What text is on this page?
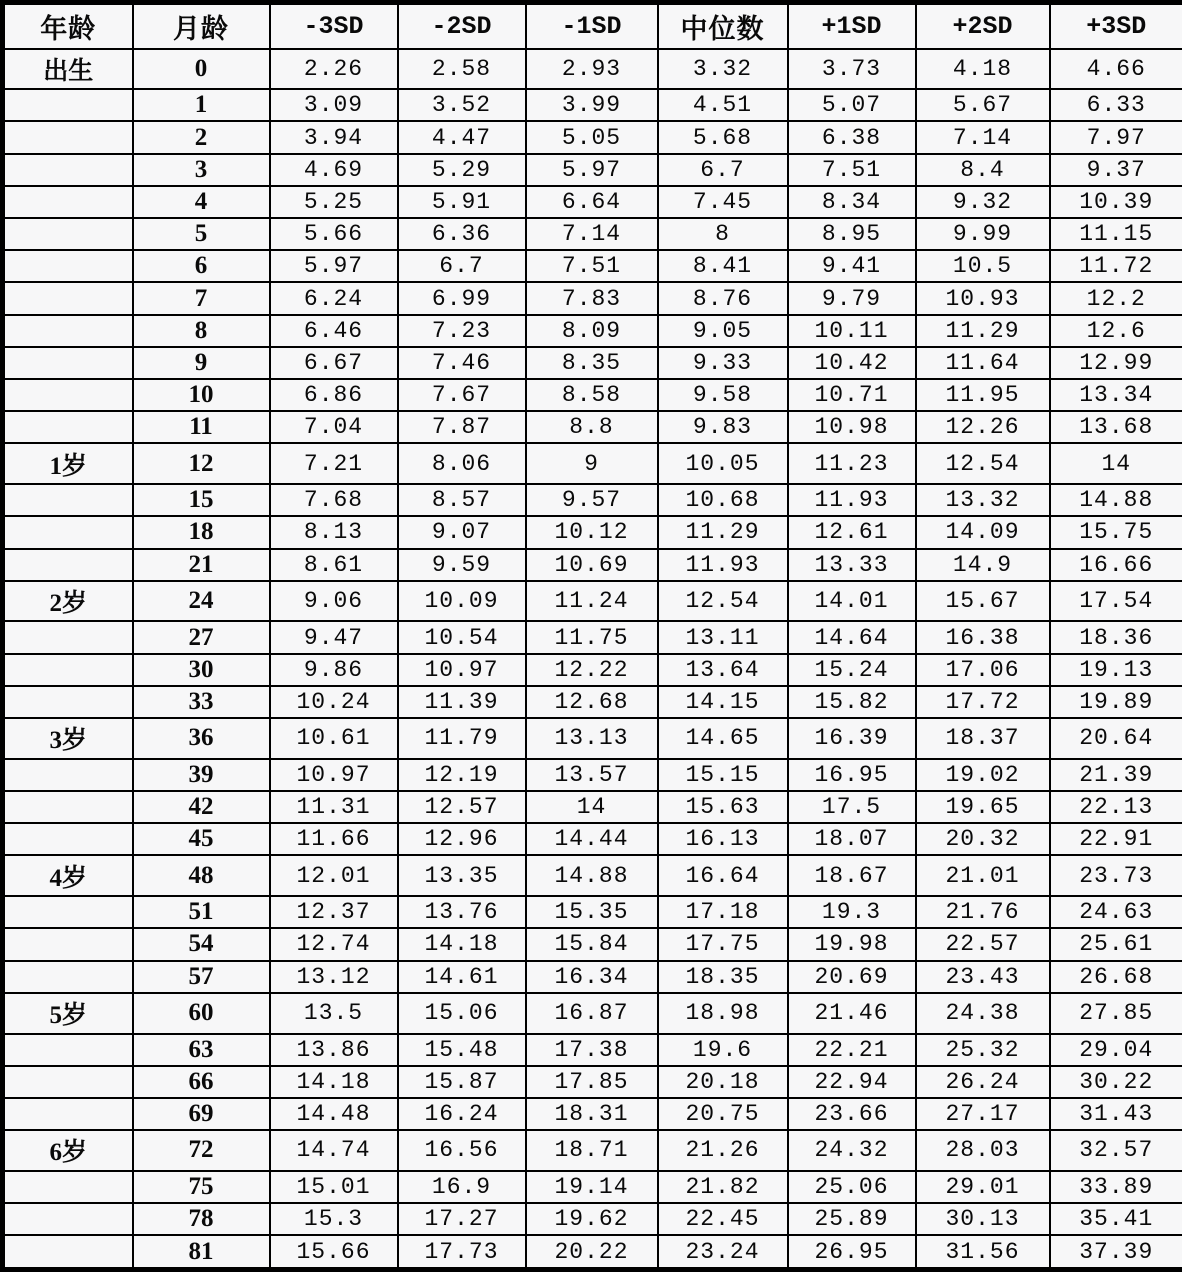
年龄	月龄	-3SD	-2SD	-1SD	中位数	+1SD	+2SD	+3SD
出生	0	2.26	2.58	2.93	3.32	3.73	4.18	4.66
	1	3.09	3.52	3.99	4.51	5.07	5.67	6.33
	2	3.94	4.47	5.05	5.68	6.38	7.14	7.97
	3	4.69	5.29	5.97	6.7	7.51	8.4	9.37
	4	5.25	5.91	6.64	7.45	8.34	9.32	10.39
	5	5.66	6.36	7.14	8	8.95	9.99	11.15
	6	5.97	6.7	7.51	8.41	9.41	10.5	11.72
	7	6.24	6.99	7.83	8.76	9.79	10.93	12.2
	8	6.46	7.23	8.09	9.05	10.11	11.29	12.6
	9	6.67	7.46	8.35	9.33	10.42	11.64	12.99
	10	6.86	7.67	8.58	9.58	10.71	11.95	13.34
	11	7.04	7.87	8.8	9.83	10.98	12.26	13.68
1岁	12	7.21	8.06	9	10.05	11.23	12.54	14
	15	7.68	8.57	9.57	10.68	11.93	13.32	14.88
	18	8.13	9.07	10.12	11.29	12.61	14.09	15.75
	21	8.61	9.59	10.69	11.93	13.33	14.9	16.66
2岁	24	9.06	10.09	11.24	12.54	14.01	15.67	17.54
	27	9.47	10.54	11.75	13.11	14.64	16.38	18.36
	30	9.86	10.97	12.22	13.64	15.24	17.06	19.13
	33	10.24	11.39	12.68	14.15	15.82	17.72	19.89
3岁	36	10.61	11.79	13.13	14.65	16.39	18.37	20.64
	39	10.97	12.19	13.57	15.15	16.95	19.02	21.39
	42	11.31	12.57	14	15.63	17.5	19.65	22.13
	45	11.66	12.96	14.44	16.13	18.07	20.32	22.91
4岁	48	12.01	13.35	14.88	16.64	18.67	21.01	23.73
	51	12.37	13.76	15.35	17.18	19.3	21.76	24.63
	54	12.74	14.18	15.84	17.75	19.98	22.57	25.61
	57	13.12	14.61	16.34	18.35	20.69	23.43	26.68
5岁	60	13.5	15.06	16.87	18.98	21.46	24.38	27.85
	63	13.86	15.48	17.38	19.6	22.21	25.32	29.04
	66	14.18	15.87	17.85	20.18	22.94	26.24	30.22
	69	14.48	16.24	18.31	20.75	23.66	27.17	31.43
6岁	72	14.74	16.56	18.71	21.26	24.32	28.03	32.57
	75	15.01	16.9	19.14	21.82	25.06	29.01	33.89
	78	15.3	17.27	19.62	22.45	25.89	30.13	35.41
	81	15.66	17.73	20.22	23.24	26.95	31.56	37.39
